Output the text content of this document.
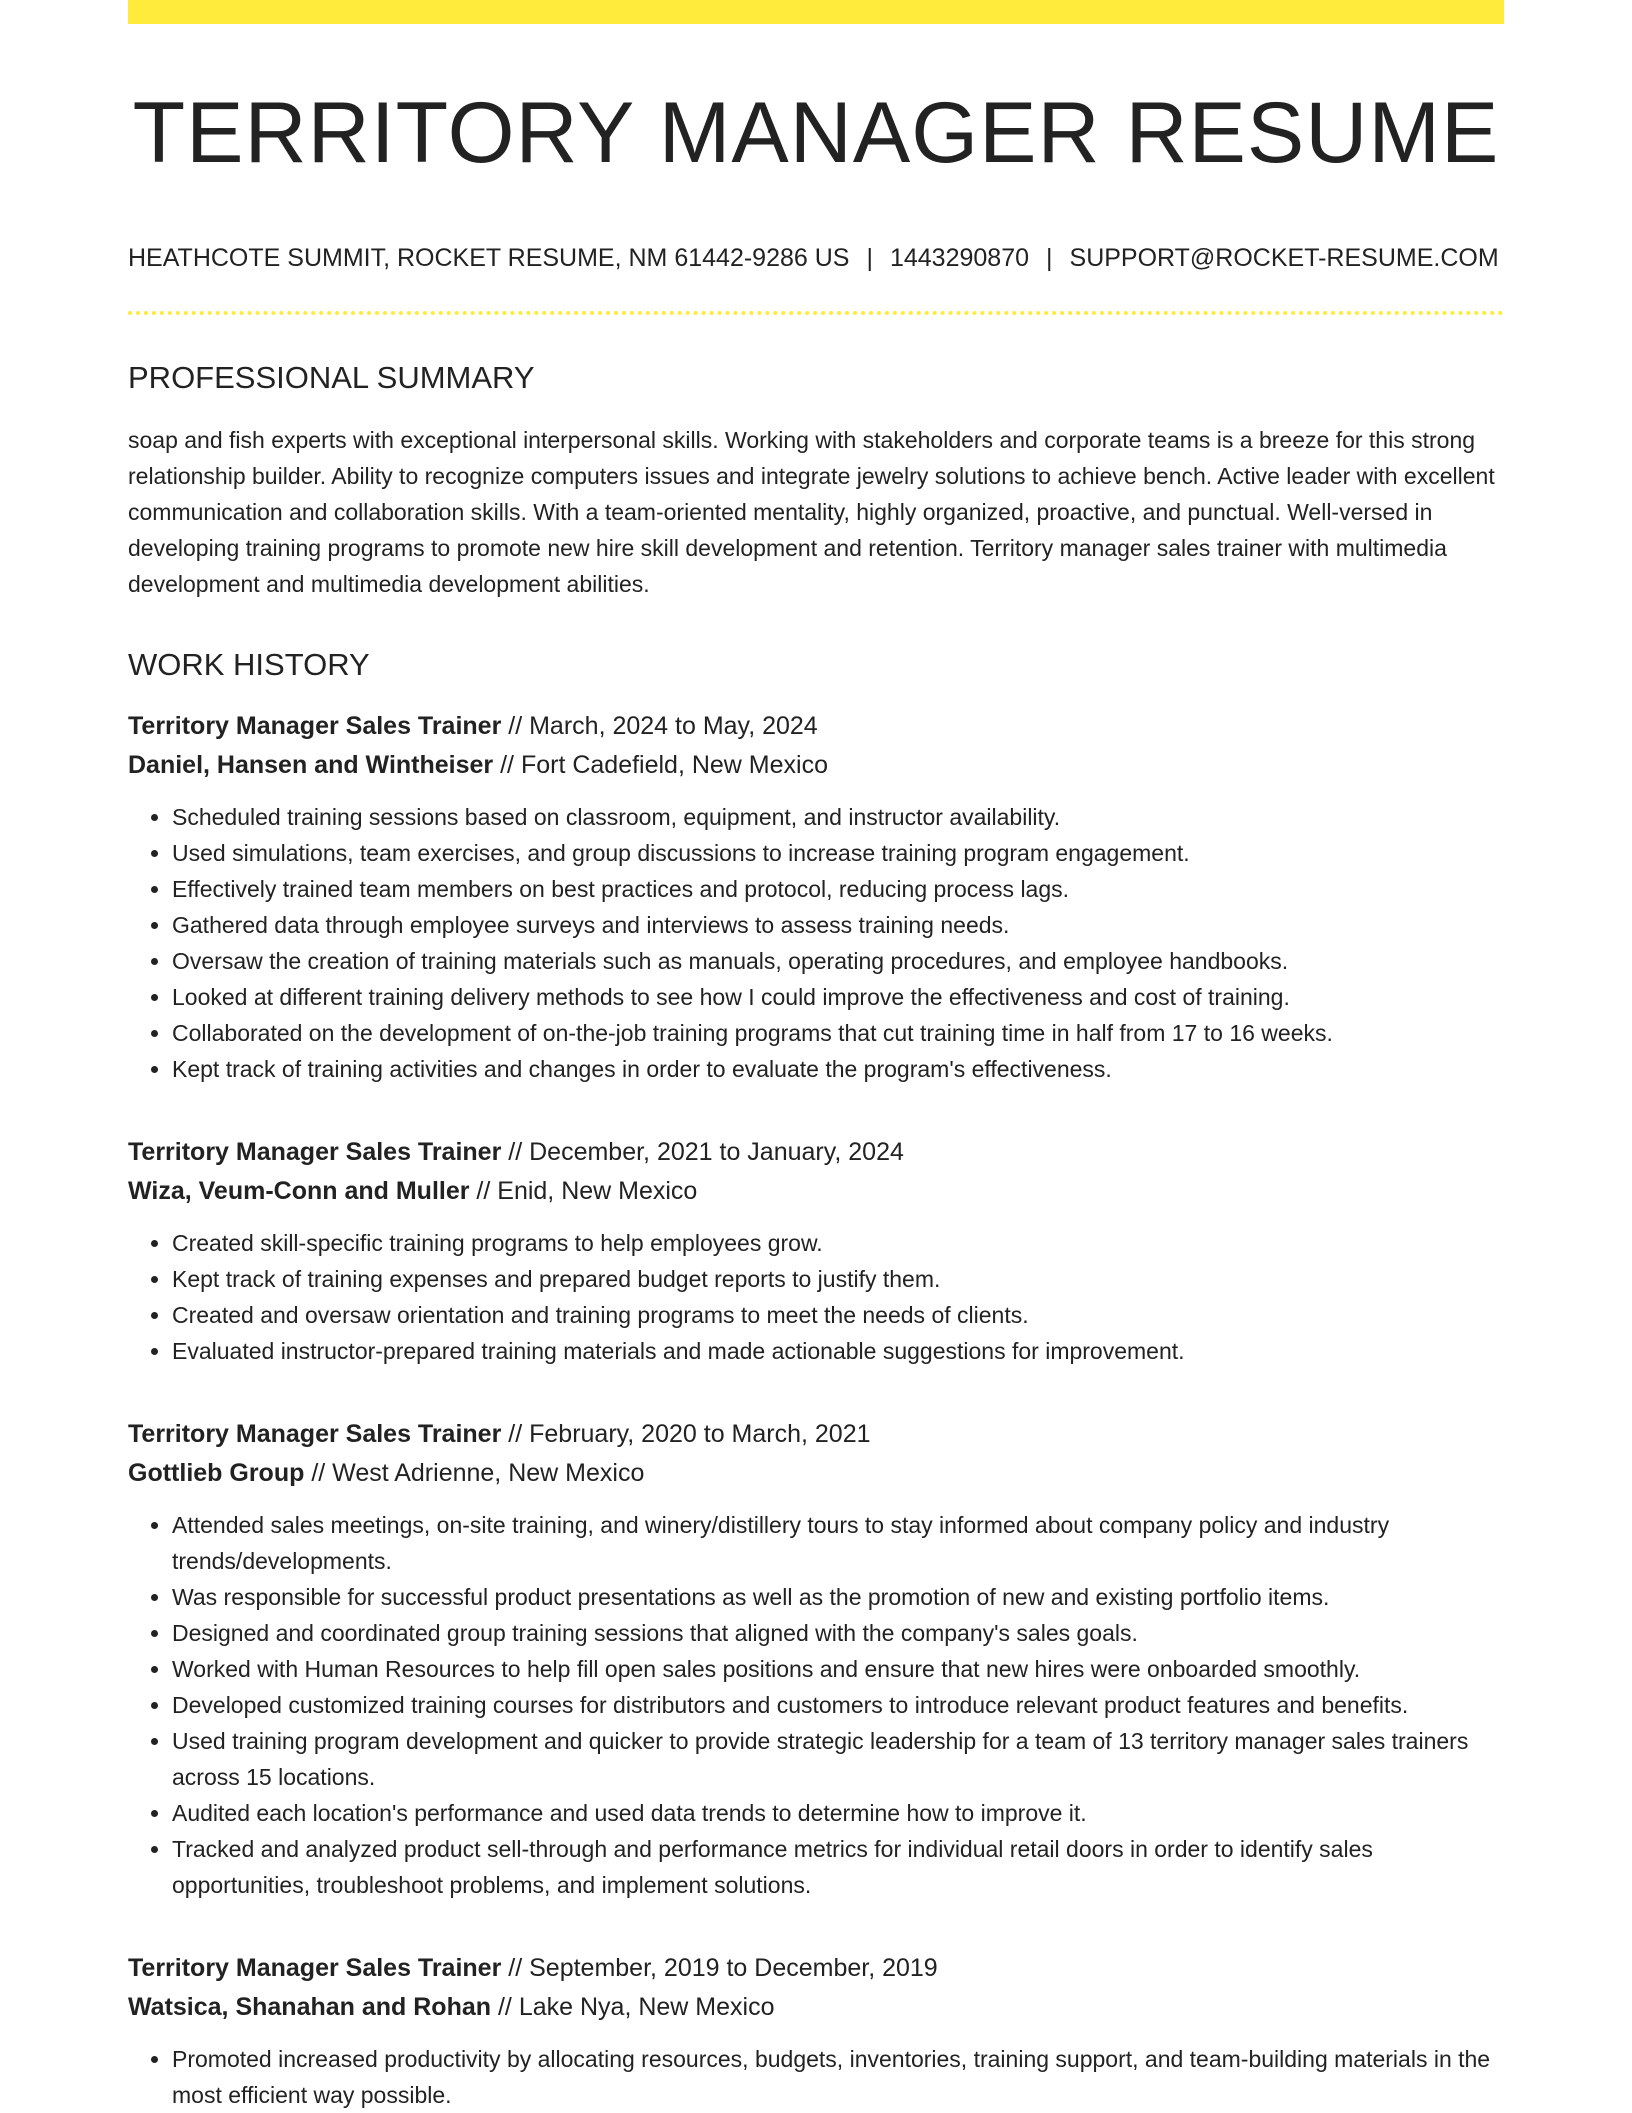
TERRITORY MANAGER RESUME
HEATHCOTE SUMMIT, ROCKET RESUME, NM 61442-9286 US | 1443290870 | SUPPORT@ROCKET-RESUME.COM
PROFESSIONAL SUMMARY

soap and fish experts with exceptional interpersonal skills. Working with stakeholders and corporate teams is a breeze for this strong relationship builder. Ability to recognize computers issues and integrate jewelry solutions to achieve bench. Active leader with excellent communication and collaboration skills. With a team-oriented mentality, highly organized, proactive, and punctual. Well-versed in developing training programs to promote new hire skill development and retention. Territory manager sales trainer with multimedia development and multimedia development abilities.

WORK HISTORY
Territory Manager Sales Trainer // March, 2024 to May, 2024
Daniel, Hansen and Wintheiser // Fort Cadefield, New Mexico
• Scheduled training sessions based on classroom, equipment, and instructor availability.
• Used simulations, team exercises, and group discussions to increase training program engagement.
• Effectively trained team members on best practices and protocol, reducing process lags.
• Gathered data through employee surveys and interviews to assess training needs.
• Oversaw the creation of training materials such as manuals, operating procedures, and employee handbooks.
• Looked at different training delivery methods to see how I could improve the effectiveness and cost of training.
• Collaborated on the development of on-the-job training programs that cut training time in half from 17 to 16 weeks.
• Kept track of training activities and changes in order to evaluate the program's effectiveness.
Territory Manager Sales Trainer // December, 2021 to January, 2024
Wiza, Veum-Conn and Muller // Enid, New Mexico
• Created skill-specific training programs to help employees grow.
• Kept track of training expenses and prepared budget reports to justify them.
• Created and oversaw orientation and training programs to meet the needs of clients.
• Evaluated instructor-prepared training materials and made actionable suggestions for improvement.
Territory Manager Sales Trainer // February, 2020 to March, 2021
Gottlieb Group // West Adrienne, New Mexico
• Attended sales meetings, on-site training, and winery/distillery tours to stay informed about company policy and industry trends/developments.
• Was responsible for successful product presentations as well as the promotion of new and existing portfolio items.
• Designed and coordinated group training sessions that aligned with the company's sales goals.
• Worked with Human Resources to help fill open sales positions and ensure that new hires were onboarded smoothly.
• Developed customized training courses for distributors and customers to introduce relevant product features and benefits.
• Used training program development and quicker to provide strategic leadership for a team of 13 territory manager sales trainers across 15 locations.
• Audited each location's performance and used data trends to determine how to improve it.
• Tracked and analyzed product sell-through and performance metrics for individual retail doors in order to identify sales opportunities, troubleshoot problems, and implement solutions.
Territory Manager Sales Trainer // September, 2019 to December, 2019
Watsica, Shanahan and Rohan // Lake Nya, New Mexico
• Promoted increased productivity by allocating resources, budgets, inventories, training support, and team-building materials in the most efficient way possible.
